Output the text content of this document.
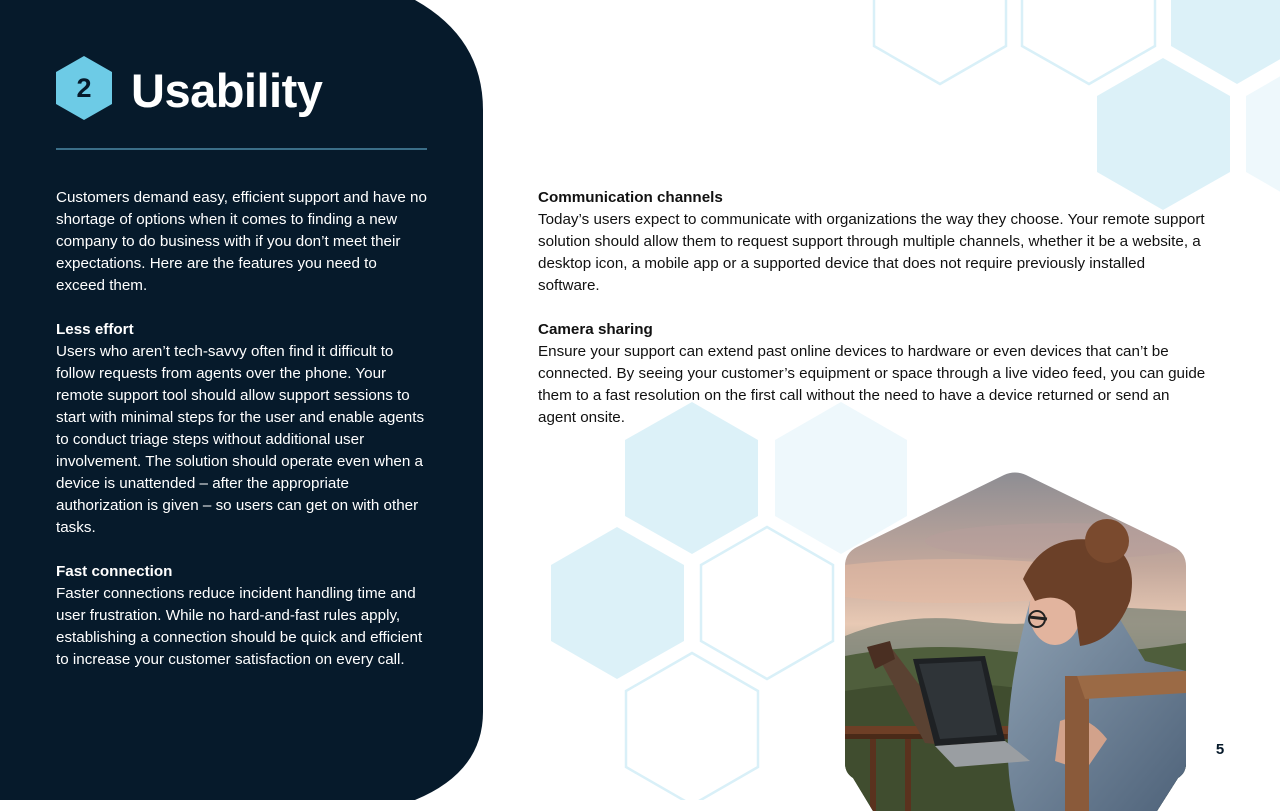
2 Usability

Customers demand easy, efficient support and have no shortage of options when it comes to finding a new company to do business with if you don’t meet their expectations. Here are the features you need to exceed them.

Less effort

Users who aren’t tech-savvy often find it difficult to follow requests from agents over the phone. Your remote support tool should allow support sessions to start with minimal steps for the user and enable agents to conduct triage steps without additional user involvement. The solution should operate even when a device is unattended – after the appropriate authorization is given – so users can get on with other tasks.

Fast connection

Faster connections reduce incident handling time and user frustration. While no hard-and-fast rules apply, establishing a connection should be quick and efficient to increase your customer satisfaction on every call.

Communication channels

Today’s users expect to communicate with organizations the way they choose. Your remote support solution should allow them to request support through multiple channels, whether it be a website, a desktop icon, a mobile app or a supported device that does not require previously installed software.

Camera sharing

Ensure your support can extend past online devices to hardware or even devices that can’t be connected. By seeing your customer’s equipment or space through a live video feed, you can guide them to a fast resolution on the first call without the need to have a device returned or send an agent onsite.

5
